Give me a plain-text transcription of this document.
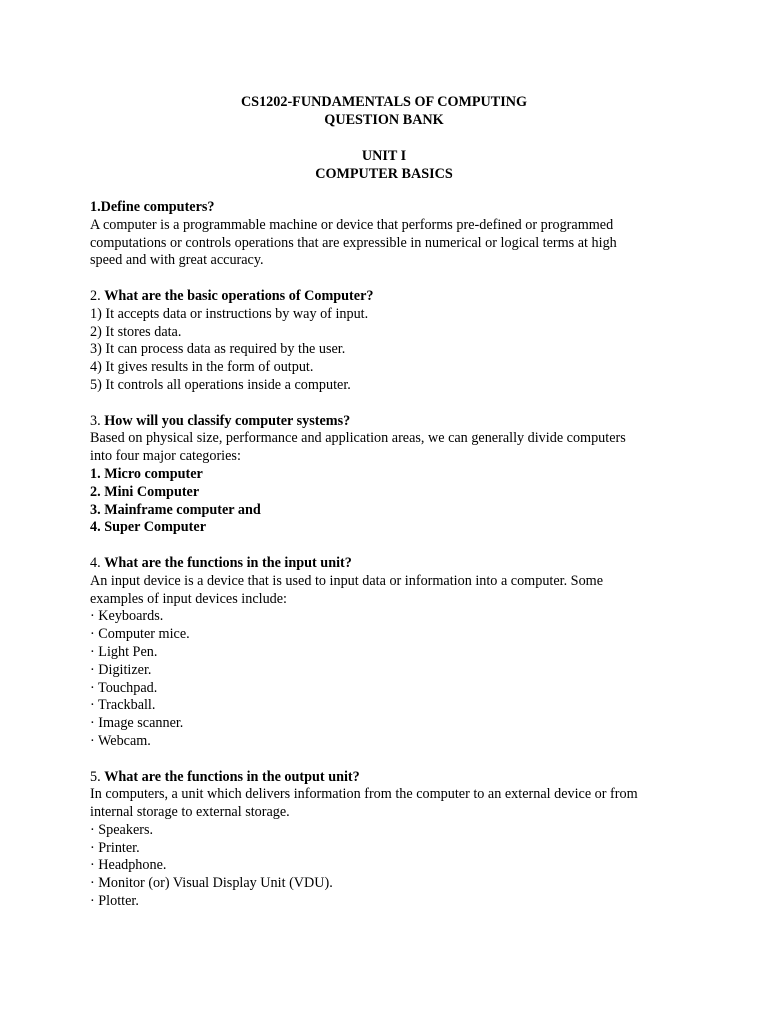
CS1202-FUNDAMENTALS OF COMPUTING
QUESTION BANK
UNIT I
COMPUTER BASICS
1.Define computers?
A computer is a programmable machine or device that performs pre-defined or programmed
computations or controls operations that are expressible in numerical or logical terms at high
speed and with great accuracy.
2. What are the basic operations of Computer?
1) It accepts data or instructions by way of input.
2) It stores data.
3) It can process data as required by the user.
4) It gives results in the form of output.
5) It controls all operations inside a computer.
3. How will you classify computer systems?
Based on physical size, performance and application areas, we can generally divide computers
into four major categories:
1. Micro computer
2. Mini Computer
3. Mainframe computer and
4. Super Computer
4. What are the functions in the input unit?
An input device is a device that is used to input data or information into a computer. Some
examples of input devices include:
· Keyboards.
· Computer mice.
· Light Pen.
· Digitizer.
· Touchpad.
· Trackball.
· Image scanner.
· Webcam.
5. What are the functions in the output unit?
In computers, a unit which delivers information from the computer to an external device or from
internal storage to external storage.
· Speakers.
· Printer.
· Headphone.
· Monitor (or) Visual Display Unit (VDU).
· Plotter.
